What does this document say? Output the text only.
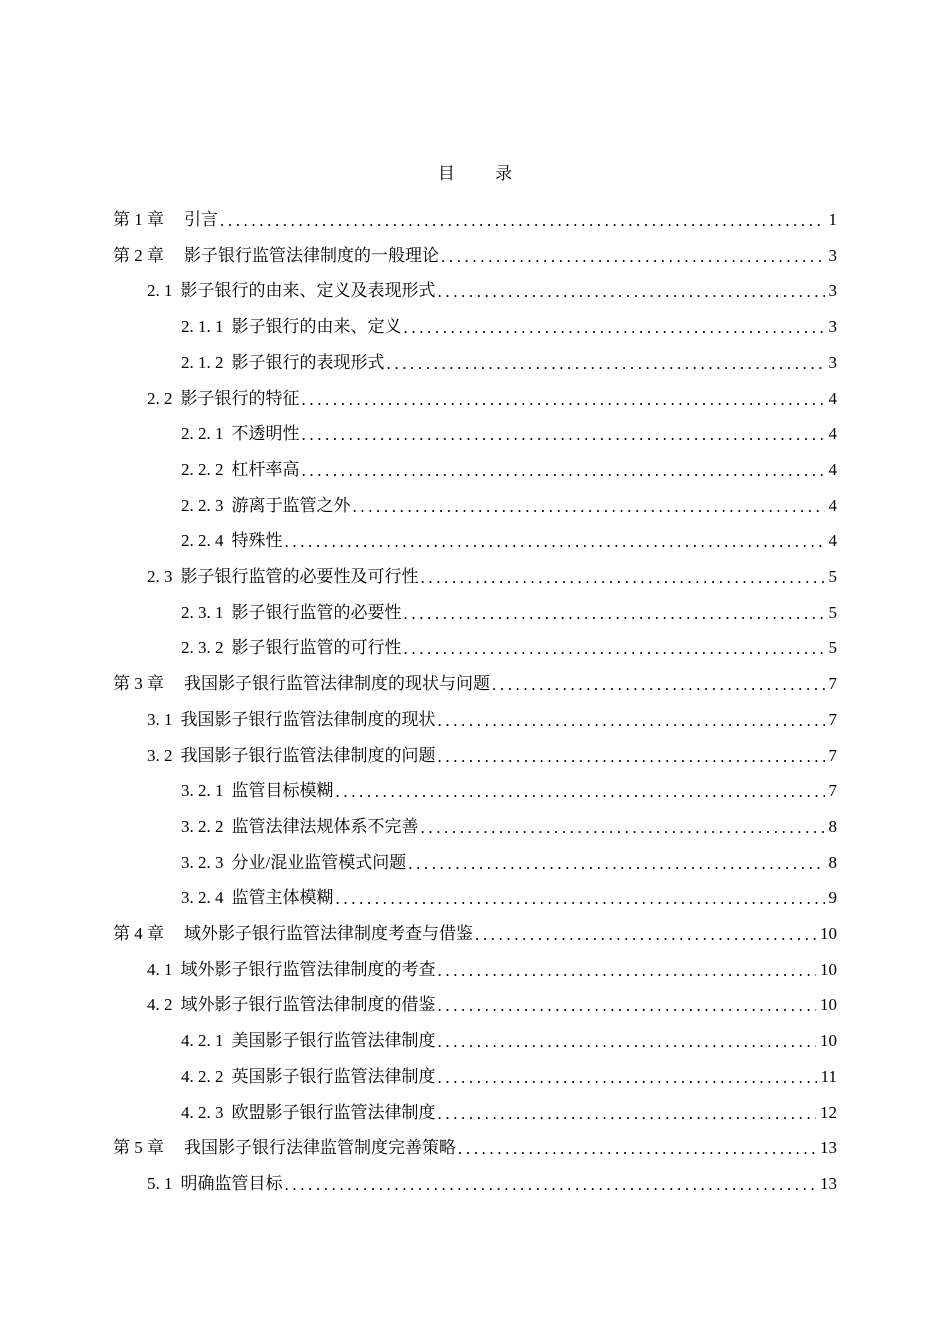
目 录
第 1 章 引言 .....	1
第 2 章 影子银行监管法律制度的一般理论 .....	3
2. 1 影子银行的由来、定义及表现形式 .....	3
2. 1. 1 影子银行的由来、定义 .....	3
2. 1. 2 影子银行的表现形式 .....	3
2. 2 影子银行的特征 .....	4
2. 2. 1 不透明性 .....	4
2. 2. 2 杠杆率高 .....	4
2. 2. 3 游离于监管之外 .....	4
2. 2. 4 特殊性 .....	4
2. 3 影子银行监管的必要性及可行性 .....	5
2. 3. 1 影子银行监管的必要性 .....	5
2. 3. 2 影子银行监管的可行性 .....	5
第 3 章 我国影子银行监管法律制度的现状与问题 .....	7
3. 1 我国影子银行监管法律制度的现状 .....	7
3. 2 我国影子银行监管法律制度的问题 .....	7
3. 2. 1 监管目标模糊 .....	7
3. 2. 2 监管法律法规体系不完善 .....	8
3. 2. 3 分业/混业监管模式问题 .....	8
3. 2. 4 监管主体模糊 .....	9
第 4 章 域外影子银行监管法律制度考查与借鉴 .....	10
4. 1 域外影子银行监管法律制度的考查 .....	10
4. 2 域外影子银行监管法律制度的借鉴 .....	10
4. 2. 1 美国影子银行监管法律制度 .....	10
4. 2. 2 英国影子银行监管法律制度 .....	11
4. 2. 3 欧盟影子银行监管法律制度 .....	12
第 5 章 我国影子银行法律监管制度完善策略 .....	13
5. 1 明确监管目标 .....	13
